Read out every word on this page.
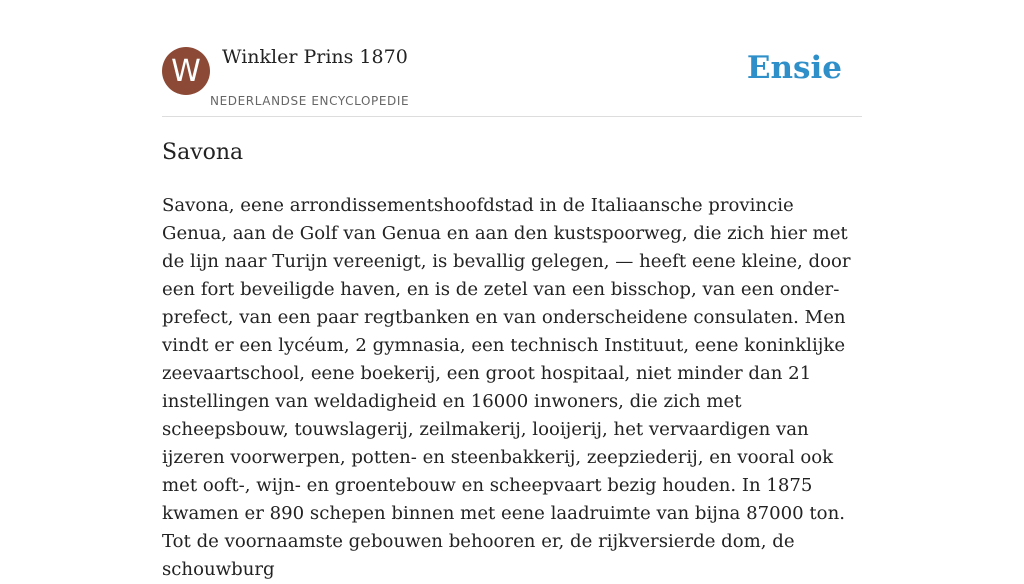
W	Winkler Prins 1870
NEDERLANDSE ENCYCLOPEDIE
Ensie
Savona

Savona, eene arrondissementshoofdstad in de Italiaansche provincie Genua, aan de Golf van Genua en aan den kustspoorweg, die zich hier met de lijn naar Turijn vereenigt, is bevallig gelegen, — heeft eene kleine, door een fort beveiligde haven, en is de zetel van een bisschop, van een onder-prefect, van een paar regtbanken en van onderscheidene consulaten. Men vindt er een lycéum, 2 gymnasia, een technisch Instituut, eene koninklijke zeevaartschool, eene boekerij, een groot hospitaal, niet minder dan 21 instellingen van weldadigheid en 16000 inwoners, die zich met scheepsbouw, touwslagerij, zeilmakerij, looijerij, het vervaardigen van ijzeren voorwerpen, potten- en steenbakkerij, zeepziederij, en vooral ook met ooft-, wijn- en groentebouw en scheepvaart bezig houden. In 1875 kwamen er 890 schepen binnen met eene laadruimte van bijna 87000 ton. Tot de voornaamste gebouwen behooren er, de rijkversierde dom, de schouwburg
